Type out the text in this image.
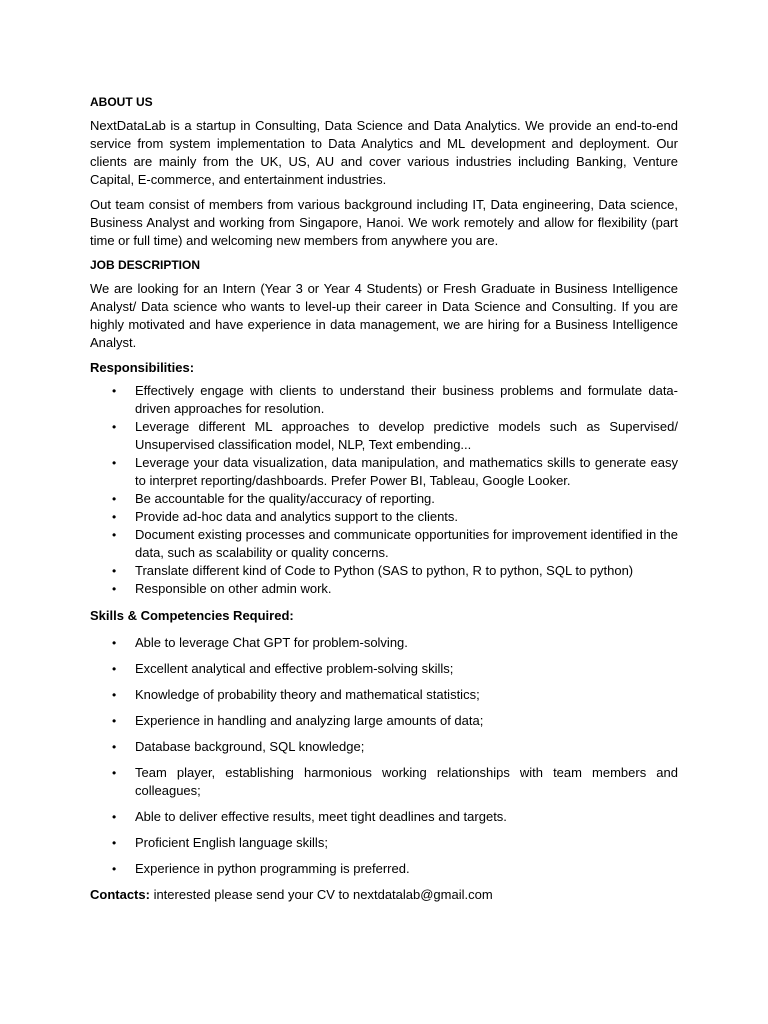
ABOUT US

NextDataLab is a startup in Consulting, Data Science and Data Analytics. We provide an end-to-end service from system implementation to Data Analytics and ML development and deployment. Our clients are mainly from the UK, US, AU and cover various industries including Banking, Venture Capital, E-commerce, and entertainment industries.

Out team consist of members from various background including IT, Data engineering, Data science, Business Analyst and working from Singapore, Hanoi. We work remotely and allow for flexibility (part time or full time) and welcoming new members from anywhere you are.

JOB DESCRIPTION

We are looking for an Intern (Year 3 or Year 4 Students) or Fresh Graduate in Business Intelligence Analyst/ Data science who wants to level-up their career in Data Science and Consulting. If you are highly motivated and have experience in data management, we are hiring for a Business Intelligence Analyst.

Responsibilities:
• Effectively engage with clients to understand their business problems and formulate data-driven approaches for resolution.
• Leverage different ML approaches to develop predictive models such as Supervised/ Unsupervised classification model, NLP, Text embending...
• Leverage your data visualization, data manipulation, and mathematics skills to generate easy to interpret reporting/dashboards. Prefer Power BI, Tableau, Google Looker.
• Be accountable for the quality/accuracy of reporting.
• Provide ad-hoc data and analytics support to the clients.
• Document existing processes and communicate opportunities for improvement identified in the data, such as scalability or quality concerns.
• Translate different kind of Code to Python (SAS to python, R to python, SQL to python)
• Responsible on other admin work.
Skills & Competencies Required:
• Able to leverage Chat GPT for problem-solving.
• Excellent analytical and effective problem-solving skills;
• Knowledge of probability theory and mathematical statistics;
• Experience in handling and analyzing large amounts of data;
• Database background, SQL knowledge;
• Team player, establishing harmonious working relationships with team members and colleagues;
• Able to deliver effective results, meet tight deadlines and targets.
• Proficient English language skills;
• Experience in python programming is preferred.
Contacts: interested please send your CV to nextdatalab@gmail.com
